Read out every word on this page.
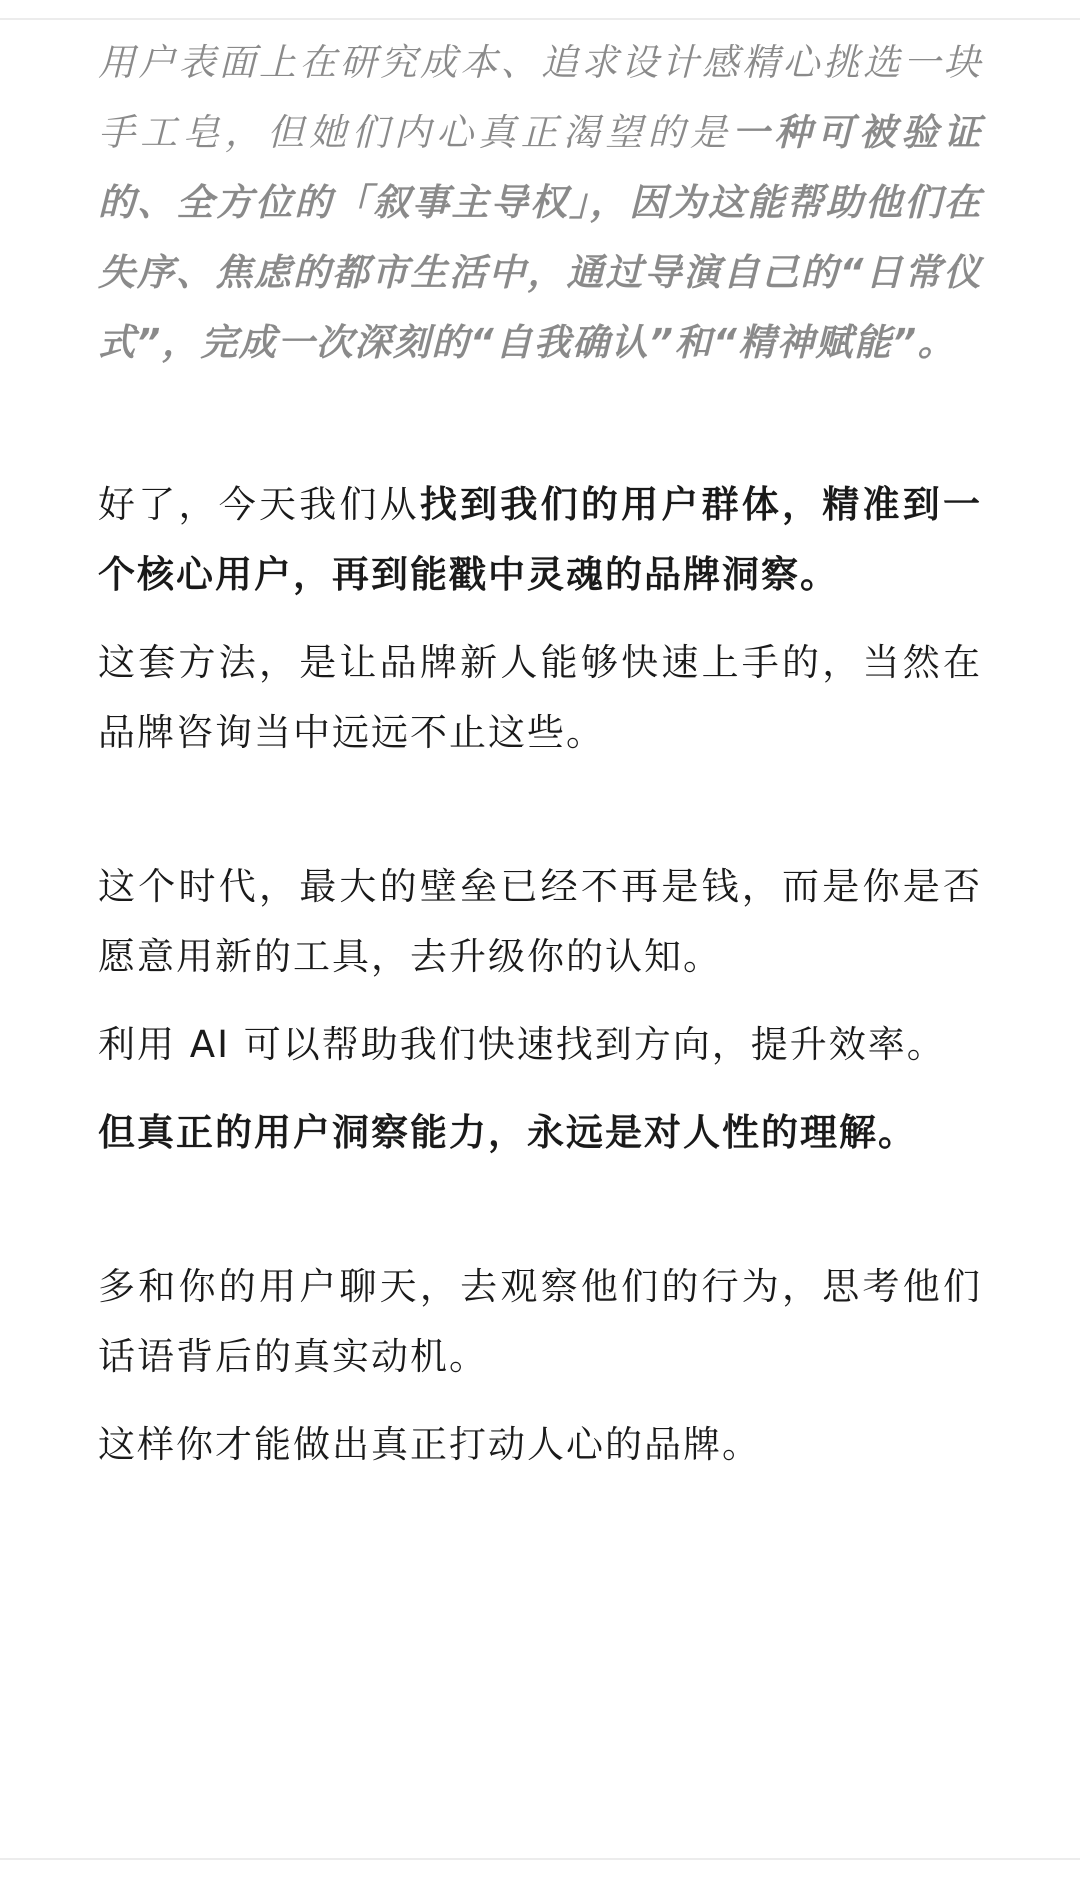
用户表面上在研究成本、追求设计感精心挑选一块手工皂，但她们内心真正渴望的是一种可被验证的、全方位的「叙事主导权」，因为这能帮助他们在失序、焦虑的都市生活中，通过导演自己的“日常仪式”，完成一次深刻的“自我确认”和“精神赋能”。

好了，今天我们从找到我们的用户群体，精准到一个核心用户，再到能戳中灵魂的品牌洞察。

这套方法，是让品牌新人能够快速上手的，当然在品牌咨询当中远远不止这些。

这个时代，最大的壁垒已经不再是钱，而是你是否愿意用新的工具，去升级你的认知。

利用 AI 可以帮助我们快速找到方向，提升效率。

但真正的用户洞察能力，永远是对人性的理解。

多和你的用户聊天，去观察他们的行为，思考他们话语背后的真实动机。

这样你才能做出真正打动人心的品牌。
